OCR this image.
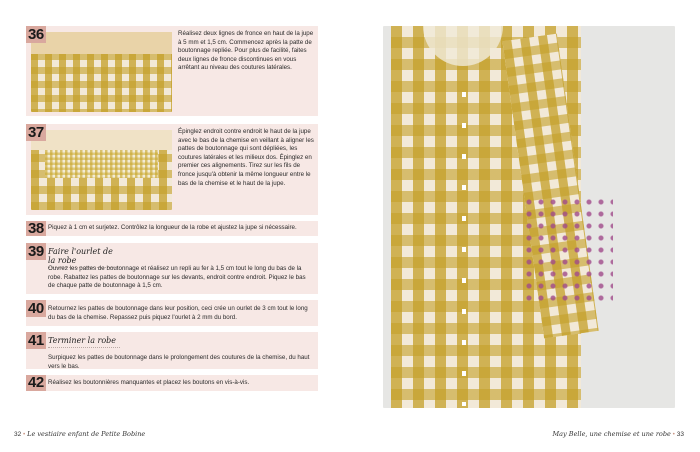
36	Réalisez deux lignes de fronce en haut de la jupe à 5 mm et 1,5 cm. Commencez après la patte de boutonnage repliée. Pour plus de facilité, faites deux lignes de fronce discontinues en vous arrêtant au niveau des coutures latérales.
37	Épinglez endroit contre endroit le haut de la jupe avec le bas de la chemise en veillant à aligner les pattes de boutonnage qui sont dépliées, les coutures latérales et les milieux dos. Épinglez en premier ces alignements. Tirez sur les fils de fronce jusqu'à obtenir la même longueur entre le bas de la chemise et le haut de la jupe.
38 Piquez à 1 cm et surjetez. Contrôlez la longueur de la robe et ajustez la jupe si nécessaire.
39 Faire l'ourlet de la robe
Ouvrez les pattes de boutonnage et réalisez un repli au fer à 1,5 cm tout le long du bas de la robe. Rabattez les pattes de boutonnage sur les devants, endroit contre endroit. Piquez le bas de chaque patte de boutonnage à 1,5 cm.
40 Retournez les pattes de boutonnage dans leur position, ceci crée un ourlet de 3 cm tout le long du bas de la chemise. Repassez puis piquez l'ourlet à 2 mm du bord.
41 Terminer la robe
Surpiquez les pattes de boutonnage dans le prolongement des coutures de la chemise, du haut vers le bas.
42 Réalisez les boutonnières manquantes et placez les boutons en vis-à-vis.
32 • Le vestiaire enfant de Petite Bobine	May Belle, une chemise et une robe • 33
